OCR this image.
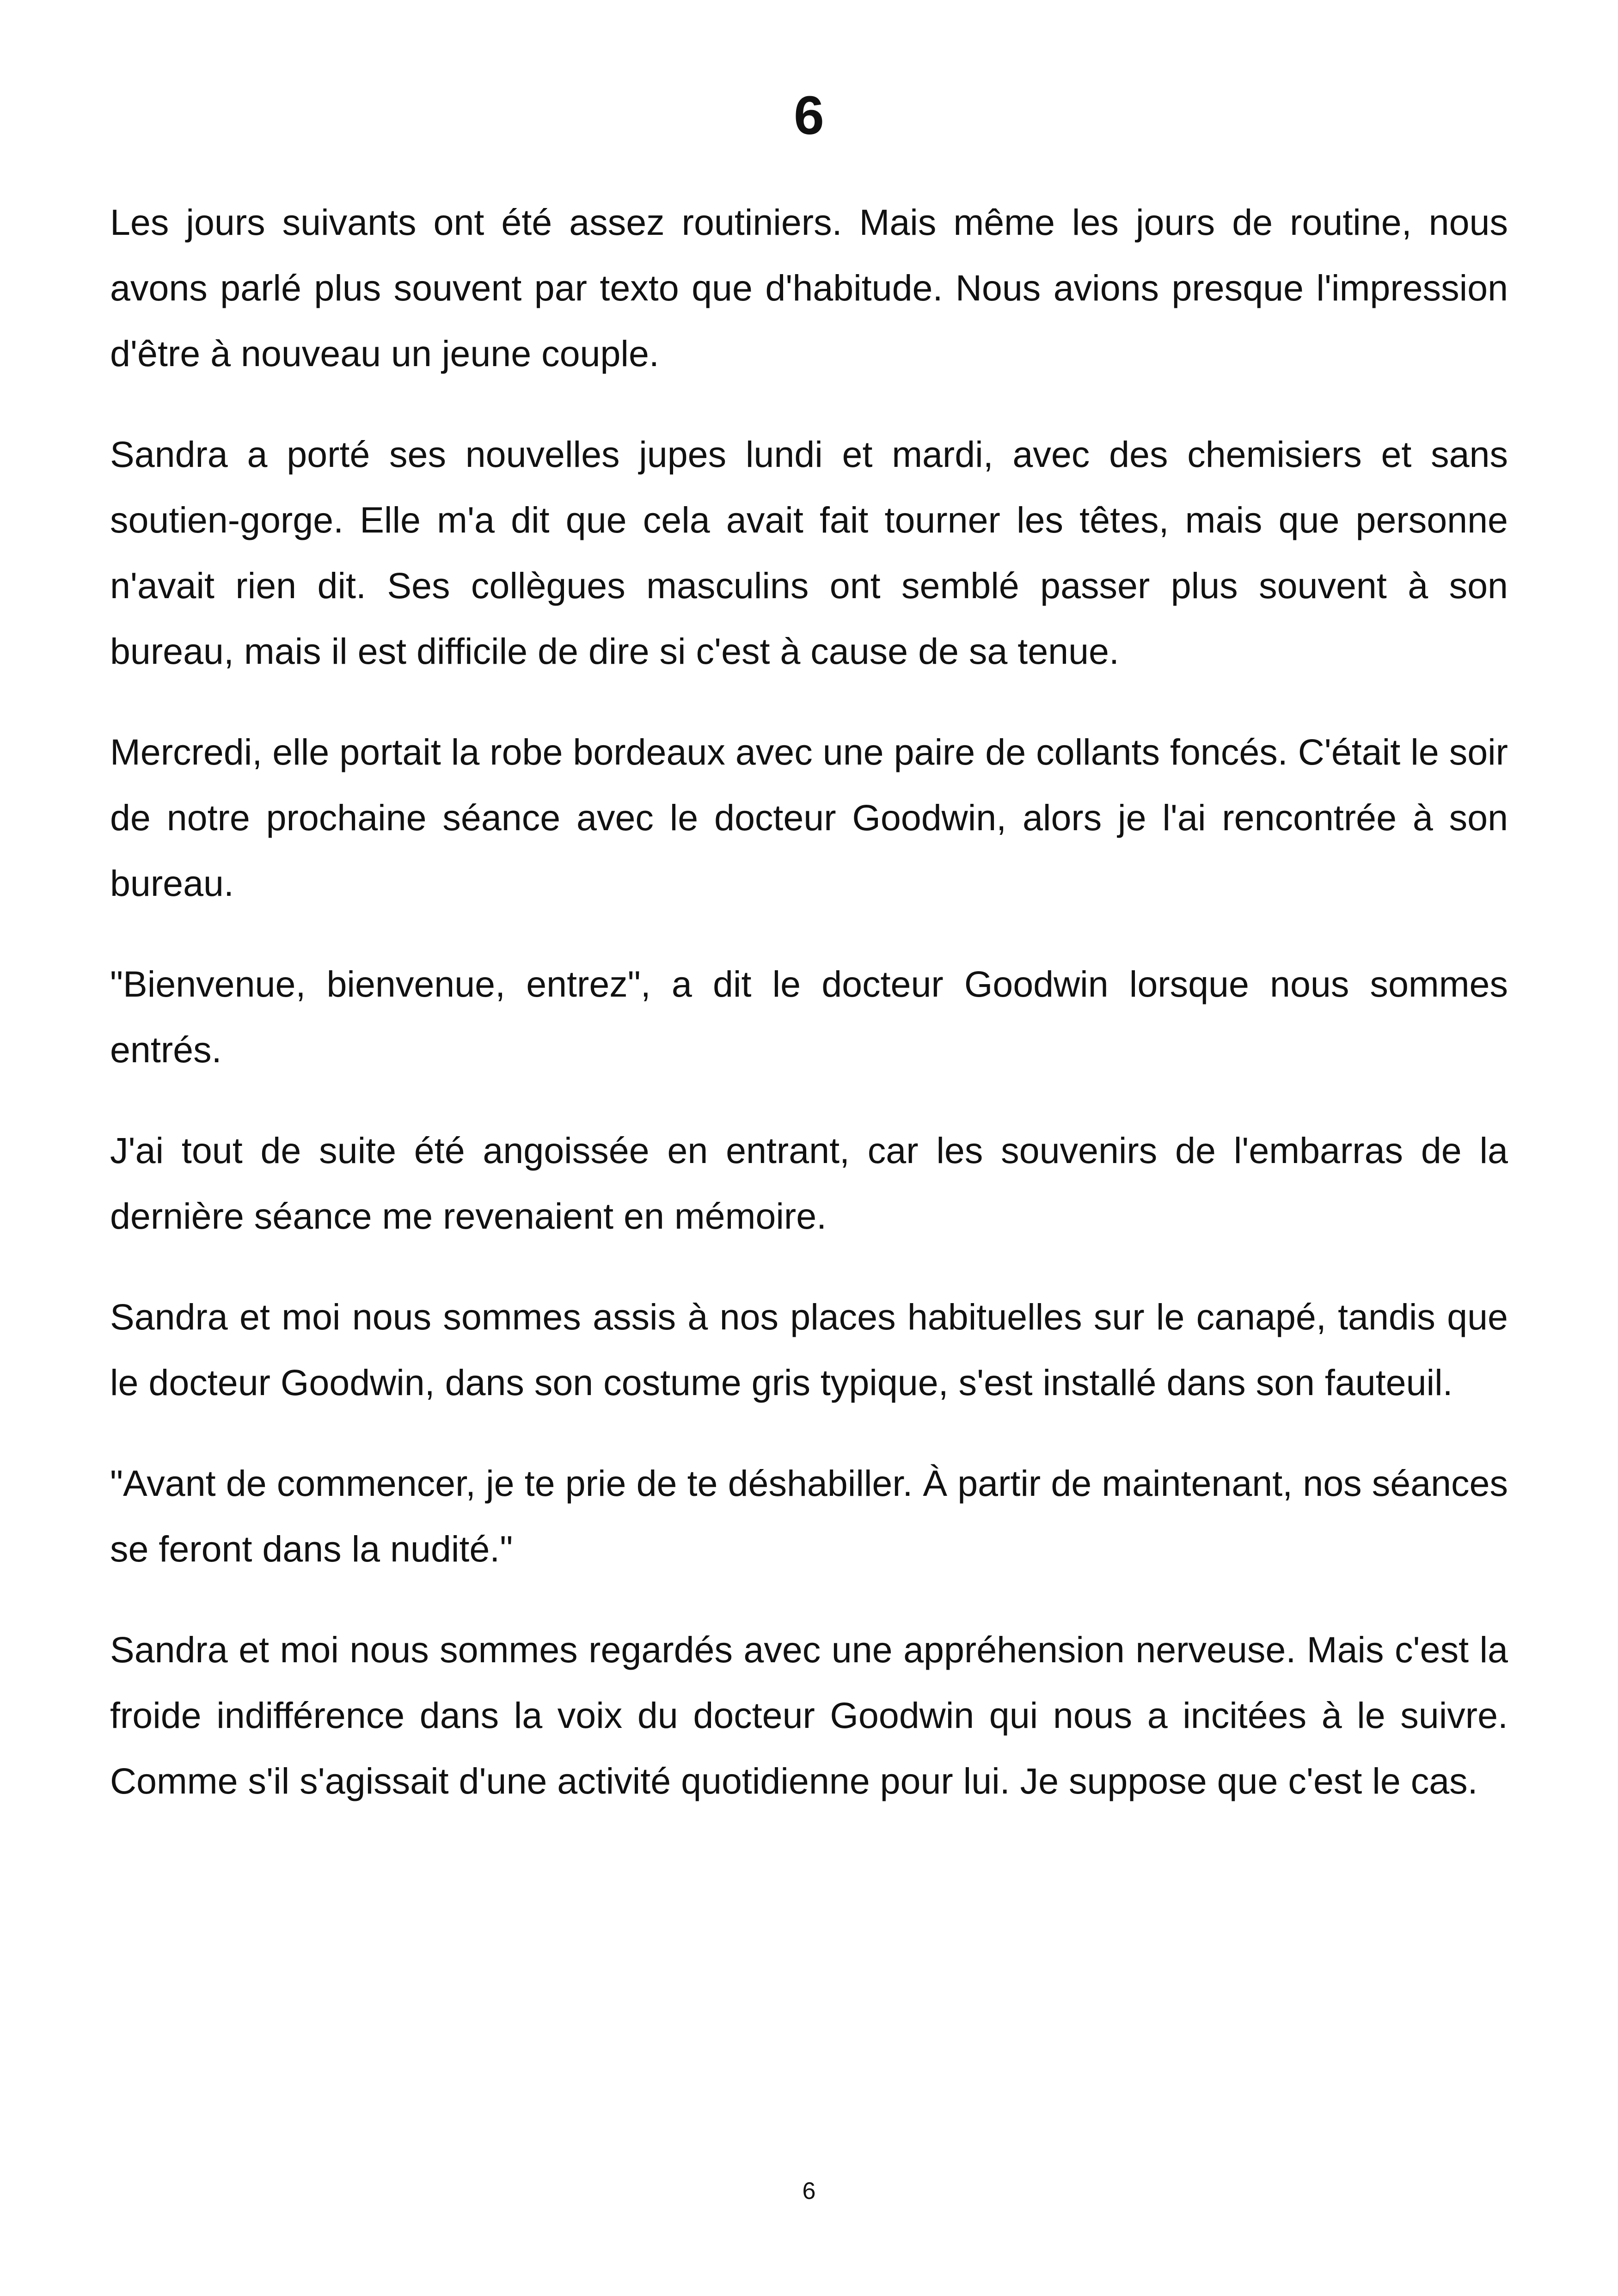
6

Les jours suivants ont été assez routiniers. Mais même les jours de routine, nous avons parlé plus souvent par texto que d'habitude. Nous avions presque l'impression d'être à nouveau un jeune couple.

Sandra a porté ses nouvelles jupes lundi et mardi, avec des chemisiers et sans soutien-gorge. Elle m'a dit que cela avait fait tourner les têtes, mais que personne n'avait rien dit. Ses collègues masculins ont semblé passer plus souvent à son bureau, mais il est difficile de dire si c'est à cause de sa tenue.

Mercredi, elle portait la robe bordeaux avec une paire de collants foncés. C'était le soir de notre prochaine séance avec le docteur Goodwin, alors je l'ai rencontrée à son bureau.

"Bienvenue, bienvenue, entrez", a dit le docteur Goodwin lorsque nous sommes entrés.

J'ai tout de suite été angoissée en entrant, car les souvenirs de l'embarras de la dernière séance me revenaient en mémoire.

Sandra et moi nous sommes assis à nos places habituelles sur le canapé, tandis que le docteur Goodwin, dans son costume gris typique, s'est installé dans son fauteuil.

"Avant de commencer, je te prie de te déshabiller. À partir de maintenant, nos séances se feront dans la nudité."

Sandra et moi nous sommes regardés avec une appréhension nerveuse. Mais c'est la froide indifférence dans la voix du docteur Goodwin qui nous a incitées à le suivre. Comme s'il s'agissait d'une activité quotidienne pour lui. Je suppose que c'est le cas.

6
